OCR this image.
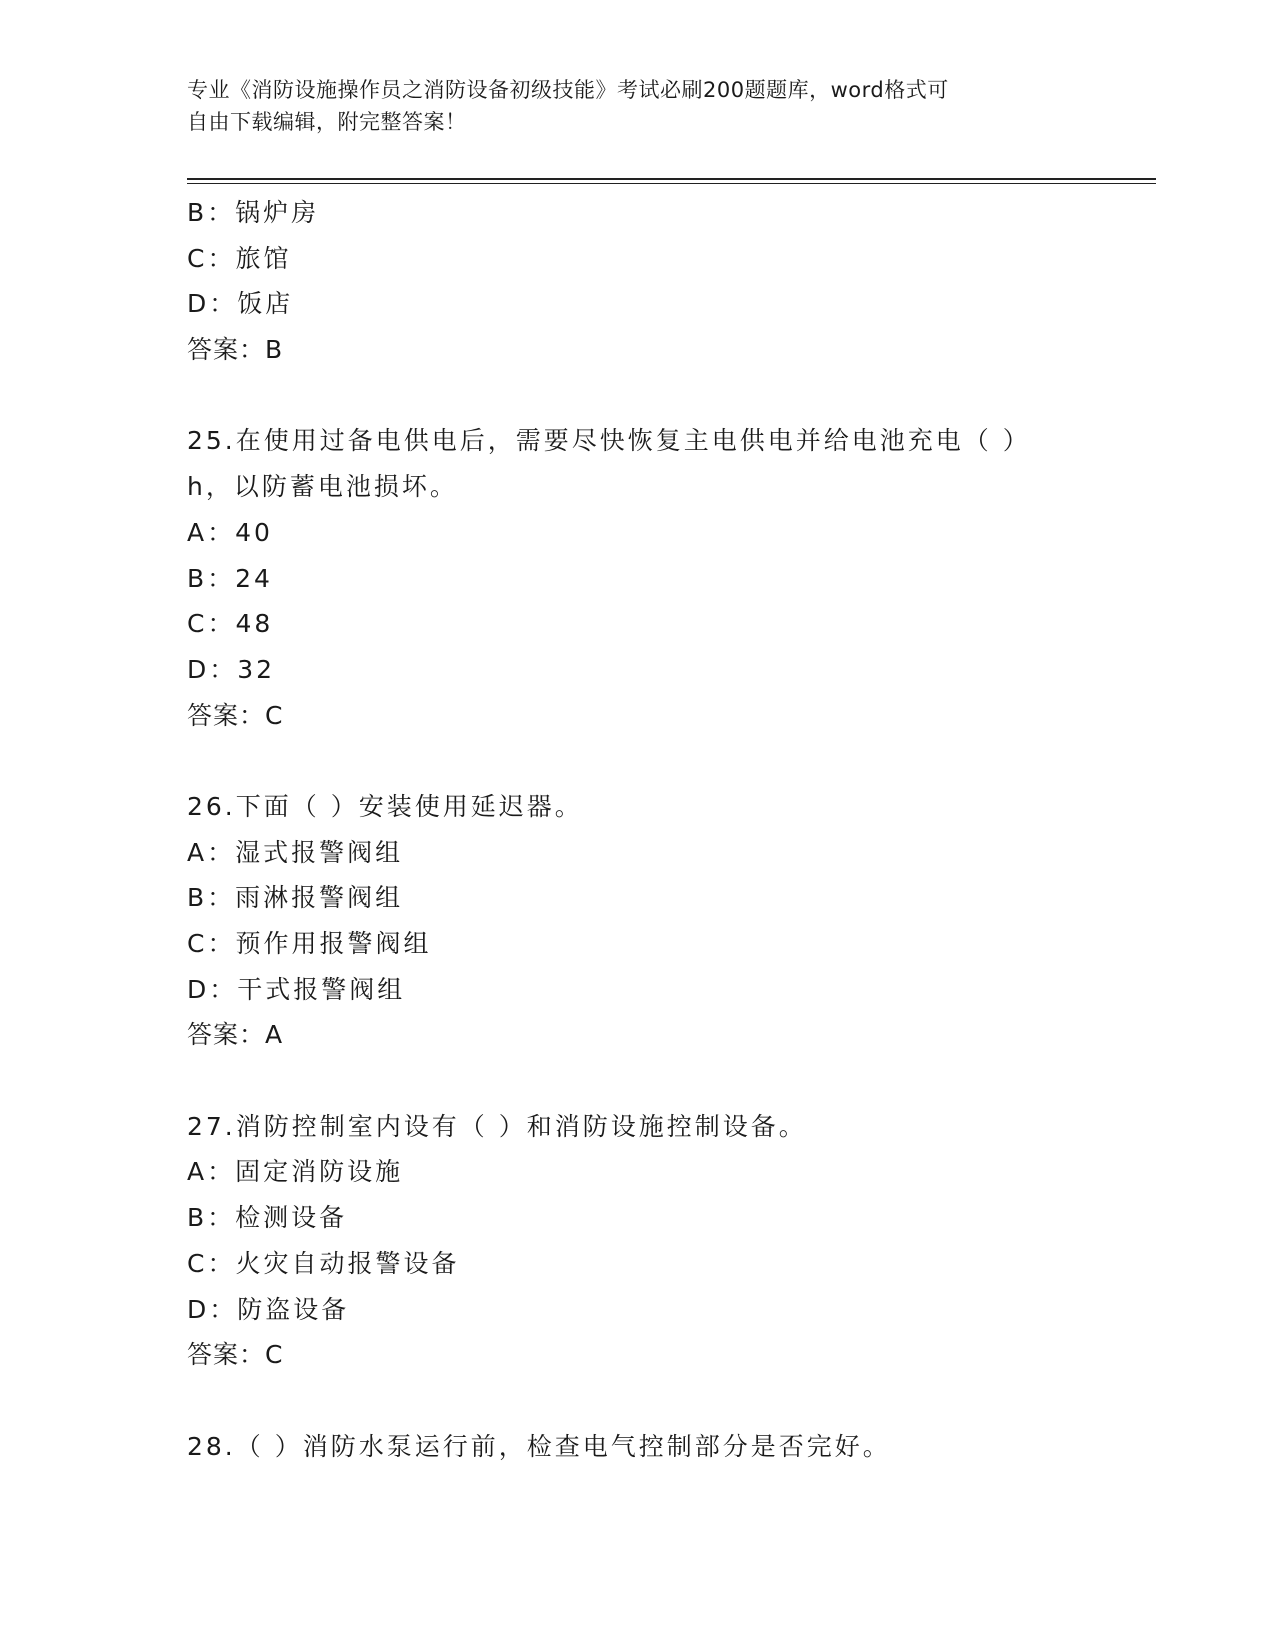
专业《消防设施操作员之消防设备初级技能》考试必刷200题题库，word格式可
自由下载编辑，附完整答案！
B：锅炉房
C：旅馆
D：饭店
答案：B
25.在使用过备电供电后，需要尽快恢复主电供电并给电池充电（ ）
h，以防蓄电池损坏。
A：40
B：24
C：48
D：32
答案：C
26.下面（ ）安装使用延迟器。
A：湿式报警阀组
B：雨淋报警阀组
C：预作用报警阀组
D：干式报警阀组
答案：A
27.消防控制室内设有（ ）和消防设施控制设备。
A：固定消防设施
B：检测设备
C：火灾自动报警设备
D：防盗设备
答案：C
28.（ ）消防水泵运行前，检查电气控制部分是否完好。
